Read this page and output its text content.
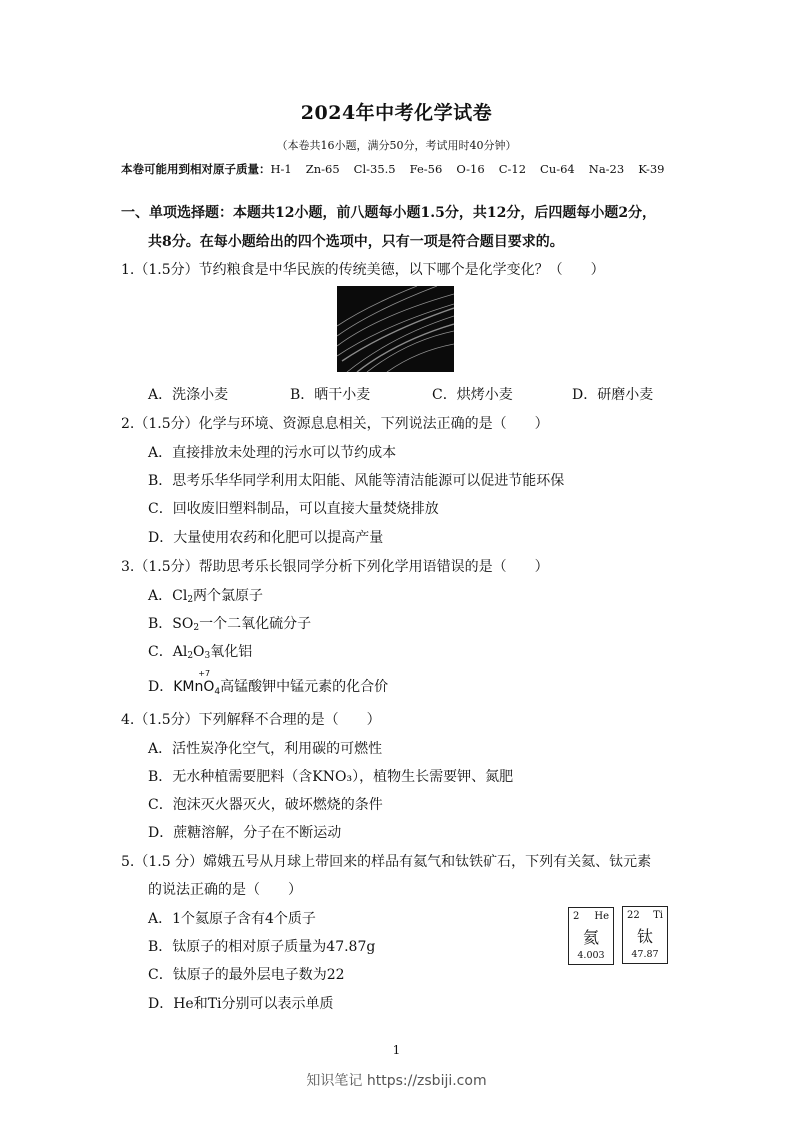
2024年中考化学试卷
（本卷共16小题，满分50分，考试用时40分钟）
本卷可能用到相对原子质量：H-1 Zn-65 Cl-35.5 Fe-56 O-16 C-12 Cu-64 Na-23 K-39
一、单项选择题：本题共12小题，前八题每小题1.5分，共12分，后四题每小题2分，
共8分。在每小题给出的四个选项中，只有一项是符合题目要求的。
1.（1.5分）节约粮食是中华民族的传统美德，以下哪个是化学变化？（　　）
A．洗涤小麦	B．晒干小麦	C．烘烤小麦	D．研磨小麦
2.（1.5分）化学与环境、资源息息相关，下列说法正确的是（　　）
A．直接排放未处理的污水可以节约成本
B．思考乐华华同学利用太阳能、风能等清洁能源可以促进节能环保
C．回收废旧塑料制品，可以直接大量焚烧排放
D．大量使用农药和化肥可以提高产量
3.（1.5分）帮助思考乐长银同学分析下列化学用语错误的是（　　）
A．$Cl_2$两个氯原子
B．$SO_2$一个二氧化硫分子
C．$Al_2O_3$氧化铝
D．KMnO$_4$
+7
高锰酸钾中锰元素的化合价
4.（1.5分）下列解释不合理的是（　　）
A．活性炭净化空气，利用碳的可燃性
B．无水种植需要肥料（含KNO₃），植物生长需要钾、氮肥
C．泡沫灭火器灭火，破坏燃烧的条件
D．蔗糖溶解，分子在不断运动
5.（1.5 分）嫦娥五号从月球上带回来的样品有氦气和钛铁矿石，下列有关氦、钛元素
的说法正确的是（　　）
A．1个氦原子含有4个质子
B．钛原子的相对原子质量为47.87g
C．钛原子的最外层电子数为22
D．He和Ti分别可以表示单质
2 He
氦
4.003
22 Ti
钛
47.87
1
知识笔记 https://zsbiji.com
